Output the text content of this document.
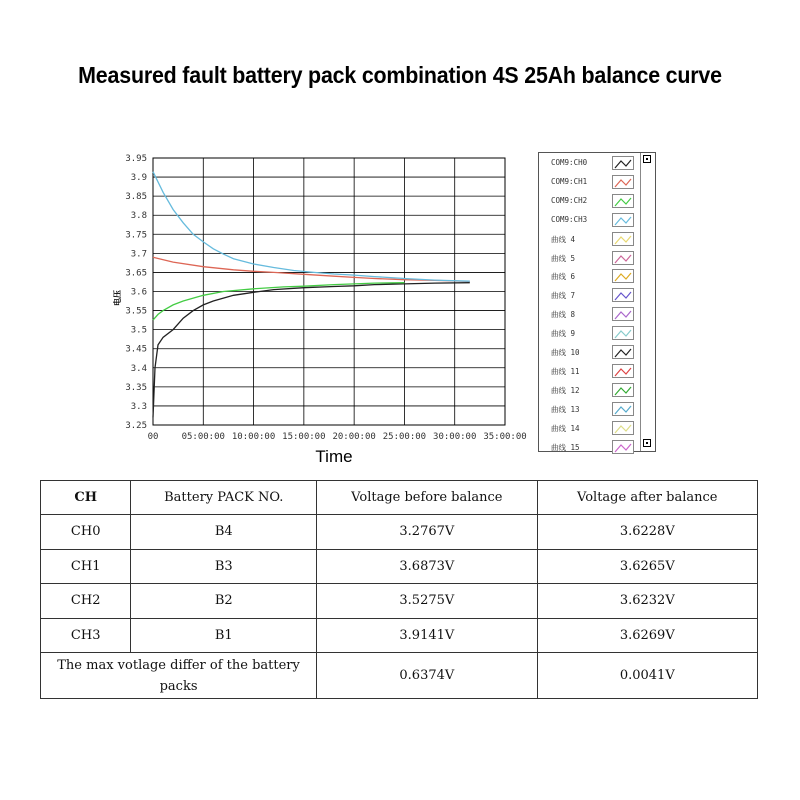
Measured fault battery pack combination 4S 25Ah balance curve
3.95
3.9
3.85
3.8
3.75
3.7
3.65
3.6
3.55
3.5
3.45
3.4
3.35
3.3
3.25
00	05:00:00 10:00:00 15:00:00 20:00:00 25:00:00 30:00:00 35:00:00
Time
电压
COM9:CH0
COM9:CH1
COM9:CH2
COM9:CH3
曲线 4
曲线 5
曲线 6
曲线 7
曲线 8
曲线 9
曲线 10
曲线 11
曲线 12
曲线 13
曲线 14
曲线 15
CH	Battery PACK NO.	Voltage before balance	Voltage after balance
CH0	B4	3.2767V	3.6228V
CH1	B3	3.6873V	3.6265V
CH2	B2	3.5275V	3.6232V
CH3	B1	3.9141V	3.6269V
The max votlage differ of the battery packs		0.6374V	0.0041V
